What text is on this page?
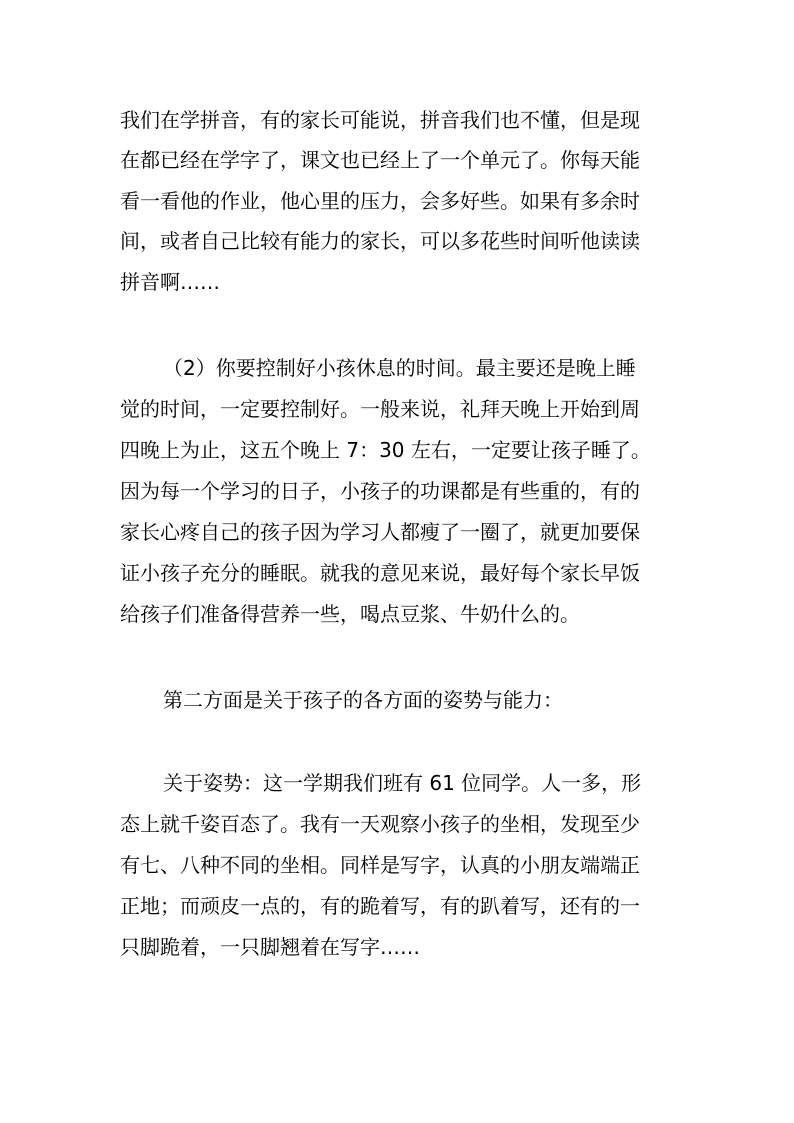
我们在学拼音，有的家长可能说，拼音我们也不懂，但是现
在都已经在学字了，课文也已经上了一个单元了。你每天能
看一看他的作业，他心里的压力，会多好些。如果有多余时
间，或者自己比较有能力的家长，可以多花些时间听他读读
拼音啊……
（2）你要控制好小孩休息的时间。最主要还是晚上睡
觉的时间，一定要控制好。一般来说，礼拜天晚上开始到周
四晚上为止，这五个晚上 7：30 左右，一定要让孩子睡了。
因为每一个学习的日子，小孩子的功课都是有些重的，有的
家长心疼自己的孩子因为学习人都瘦了一圈了，就更加要保
证小孩子充分的睡眠。就我的意见来说，最好每个家长早饭
给孩子们准备得营养一些，喝点豆浆、牛奶什么的。
第二方面是关于孩子的各方面的姿势与能力：
关于姿势：这一学期我们班有 61 位同学。人一多，形
态上就千姿百态了。我有一天观察小孩子的坐相，发现至少
有七、八种不同的坐相。同样是写字，认真的小朋友端端正
正地；而顽皮一点的，有的跪着写，有的趴着写，还有的一
只脚跪着，一只脚翘着在写字……
